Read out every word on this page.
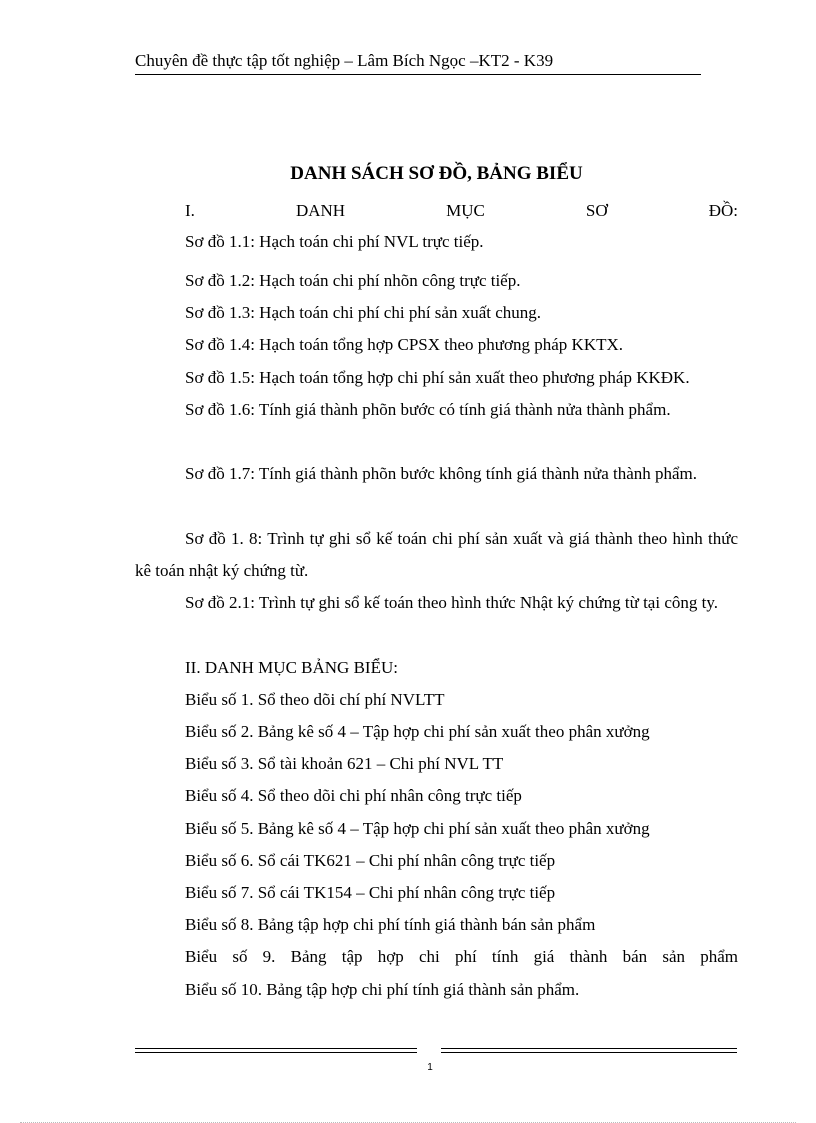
Chuyên đề thực tập tốt nghiệp – Lâm Bích Ngọc –KT2 - K39
DANH SÁCH SƠ ĐỒ, BẢNG BIỂU
I.	DANH	MỤC	SƠ	ĐỒ:
Sơ đồ 1.1: Hạch toán chi phí NVL trực tiếp.
Sơ đồ 1.2: Hạch toán chi phí nhõn công trực tiếp.
Sơ đồ 1.3: Hạch toán chi phí chi phí sản xuất chung.
Sơ đồ 1.4: Hạch toán tổng hợp CPSX theo phương pháp KKTX.
Sơ đồ 1.5: Hạch toán tổng hợp chi phí sản xuất theo phương pháp KKĐK.
Sơ đồ 1.6: Tính giá thành phõn bước có tính giá thành nửa thành phẩm.
Sơ đồ 1.7: Tính giá thành phõn bước không tính giá thành nửa thành phẩm.
Sơ đồ 1. 8: Trình tự ghi sổ kế toán chi phí sản xuất và giá thành theo hình thức kê toán nhật ký chứng từ.
Sơ đồ 2.1: Trình tự ghi sổ kế toán theo hình thức Nhật ký chứng từ tại công ty.
II. DANH MỤC BẢNG BIỂU:
Biểu số 1. Sổ theo dõi chí phí NVLTT
Biểu số 2. Bảng kê số 4 – Tập hợp chi phí sản xuất theo phân xưởng
Biểu số 3. Sổ tài khoản 621 – Chi phí NVL TT
Biểu số 4. Sổ theo dõi chi phí nhân công trực tiếp
Biểu số 5. Bảng kê số 4 – Tập hợp chi phí sản xuất theo phân xưởng
Biểu số 6. Sổ cái TK621 – Chi phí nhân công trực tiếp
Biểu số 7. Sổ cái TK154 – Chi phí nhân công trực tiếp
Biểu số 8. Bảng tập hợp chi phí tính giá thành bán sản phẩm
Biểu số 9. Bảng tập hợp chi phí tính giá thành bán sản phẩm
Biểu số 10. Bảng tập hợp chi phí tính giá thành sản phẩm.
1
